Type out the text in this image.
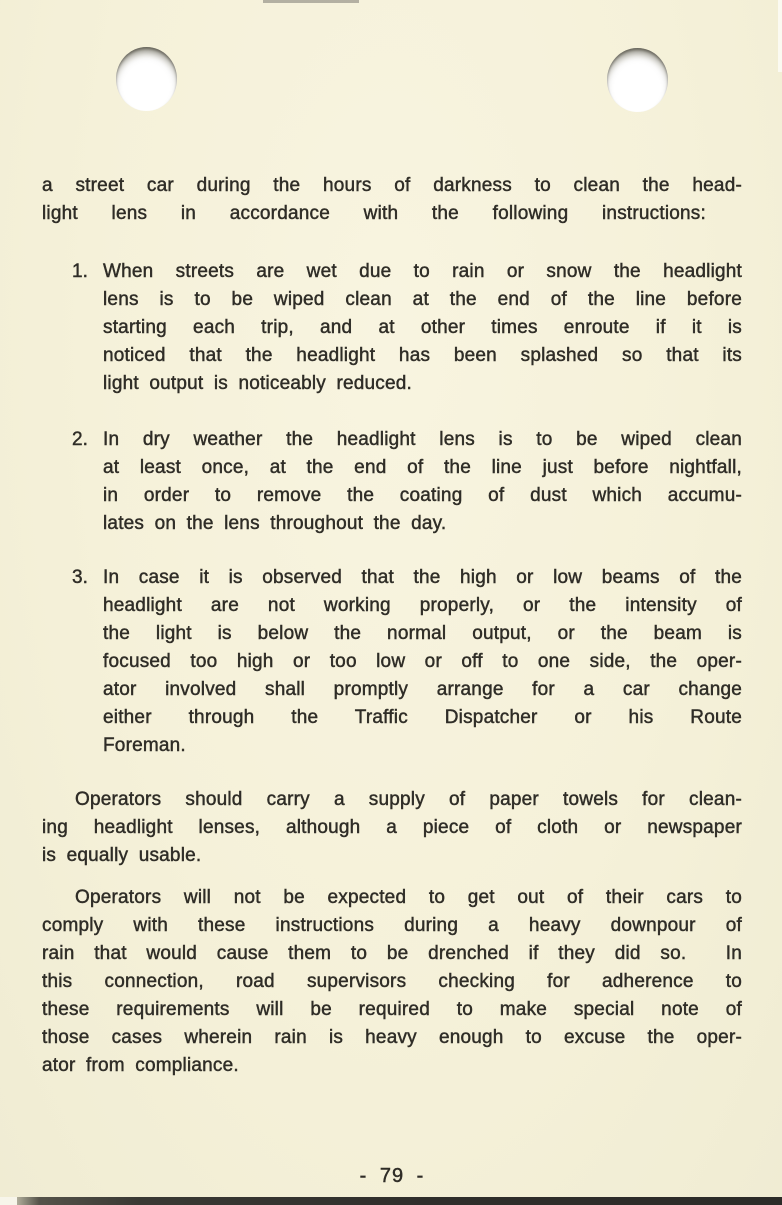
a street car during the hours of darkness to clean the head-
light lens in accordance with the following instructions:
1. When streets are wet due to rain or snow the headlight
lens is to be wiped clean at the end of the line before
starting each trip, and at other times enroute if it is
noticed that the headlight has been splashed so that its
light output is noticeably reduced.
2. In dry weather the headlight lens is to be wiped clean
at least once, at the end of the line just before nightfall,
in order to remove the coating of dust which accumu-
lates on the lens throughout the day.
3. In case it is observed that the high or low beams of the
headlight are not working properly, or the intensity of
the light is below the normal output, or the beam is
focused too high or too low or off to one side, the oper-
ator involved shall promptly arrange for a car change
either through the Traffic Dispatcher or his Route
Foreman.
Operators should carry a supply of paper towels for clean-
ing headlight lenses, although a piece of cloth or newspaper
is equally usable.
Operators will not be expected to get out of their cars to
comply with these instructions during a heavy downpour of
rain that would cause them to be drenched if they did so.  In
this connection, road supervisors checking for adherence to
these requirements will be required to make special note of
those cases wherein rain is heavy enough to excuse the oper-
ator from compliance.
- 79 -
